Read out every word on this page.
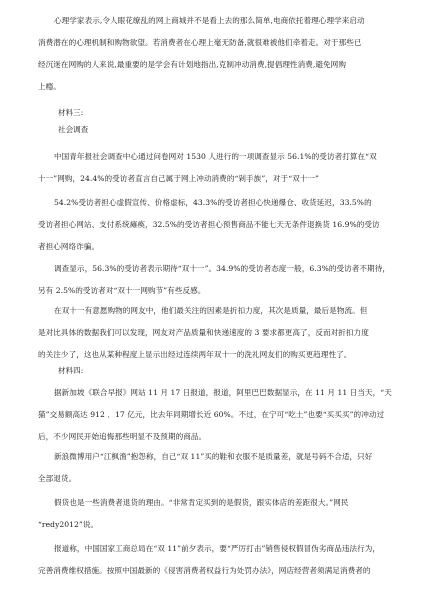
心理学家表示,令人眼花缭乱的网上商城并不是看上去的那么简单,电商依托着理心理学来启动
消费潜在的心理机制和购物欲望。若消费者在心理上毫无防备,就很难被他们牵着走。对于那些已
经沉迷在网购的人来说,最重要的是学会有计划地指出,克制冲动消费,提倡理性消费,避免网购
上瘾。
材料三:
社会调查
中国青年报社会调查中心通过问卷网对 1530 人进行的一项调查显示 56.1%的受访者打算在“双
十一”网购，24.4%的受访者直言自己属于网上冲动消费的“剁手族”，对于“双十一”
54.2%受访者担心虚假宣传、价格虚标，43.3%的受访者担心快递爆仓、收货延迟，33.5%的
受访者担心网站、支付系统瘫痪，32.5%的受访者担心预售商品不能七天无条件退换货 16.9%的受访
者担心网络诈骗。
调查显示，56.3%的受访者表示期待“双十一”。34.9%的受访者态度一般，6.3%的受访者不期待，
另有 2.5%的受访者对“双十一网购节”有些反感。
在双十一有意愿购物的网友中，他们最关注的因素是折扣力度，其次是质量，最后是物流。但
是对比具体的数据我们可以发现，网友对产品质量和快递速度的 3 要求都更高了，反而对折扣力度
的关注少了，这也从某种程度上显示出经过连续两年双十一的洗礼网友们的购买更趋理性了。
材料四:
据新加坡《联合早报》网站 11 月 17 日报道，报道，阿里巴巴数据显示，在 11 月 11 日当天，“天
猫”交易额高达 912 ．17 亿元，比去年同期增长近 60%。不过，在宁可“吃土”也要“买买买”的冲动过
后，不少网民开始追悔那些明显不及预期的商品。
新浪微博用户“江枫渔”抱怨称，自己“双 11”买的鞋和衣服不是质量差，就是号码不合适，只好
全部退货。
假货也是一些消费者退货的理由。“非常肯定买到的是假货，跟实体店的差距很大。”网民
“redy2012”说。
报道称，中国国家工商总局在“双 11”前夕表示，要“严厉打击”销售侵权假冒伪劣商品违法行为，
完善消费维权措施。按照中国最新的《侵害消费者权益行为处罚办法》，网店经营者须满足消费者的
